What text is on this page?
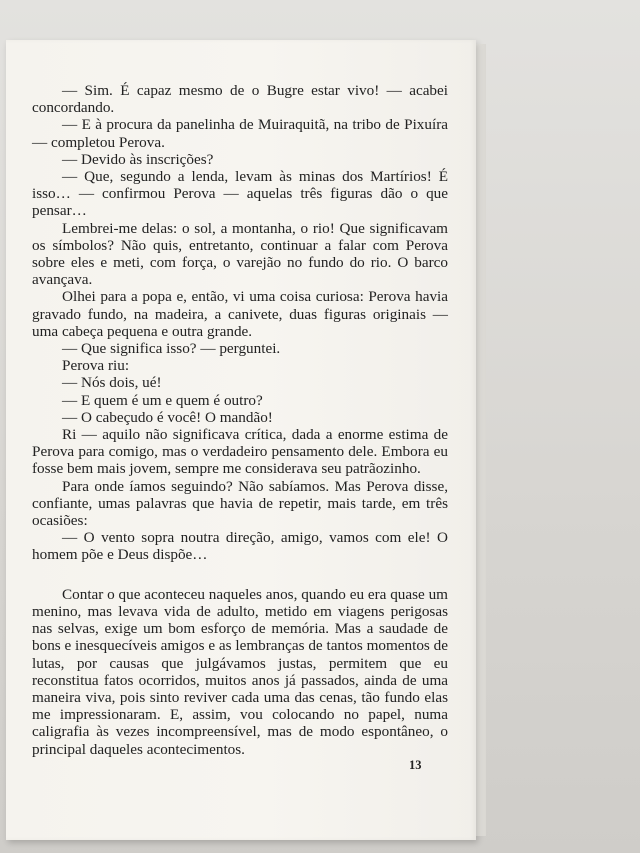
— Sim. É capaz mesmo de o Bugre estar vivo! — acabei concordando.

— E à procura da panelinha de Muiraquitã, na tribo de Pixuíra — completou Perova.

— Devido às inscrições?

— Que, segundo a lenda, levam às minas dos Martírios! É isso… — confirmou Perova — aquelas três figuras dão o que pensar…

Lembrei-me delas: o sol, a montanha, o rio! Que significavam os símbolos? Não quis, entretanto, continuar a falar com Perova sobre eles e meti, com força, o varejão no fundo do rio. O barco avançava.

Olhei para a popa e, então, vi uma coisa curiosa: Perova havia gravado fundo, na madeira, a canivete, duas figuras originais — uma cabeça pequena e outra grande.

— Que significa isso? — perguntei.

Perova riu:

— Nós dois, ué!

— E quem é um e quem é outro?

— O cabeçudo é você! O mandão!

Ri — aquilo não significava crítica, dada a enorme estima de Perova para comigo, mas o verdadeiro pensamento dele. Embora eu fosse bem mais jovem, sempre me considerava seu patrãozinho.

Para onde íamos seguindo? Não sabíamos. Mas Perova disse, confiante, umas palavras que havia de repetir, mais tarde, em três ocasiões:

— O vento sopra noutra direção, amigo, vamos com ele! O homem põe e Deus dispõe…

Contar o que aconteceu naqueles anos, quando eu era quase um menino, mas levava vida de adulto, metido em viagens perigosas nas selvas, exige um bom esforço de memória. Mas a saudade de bons e inesquecíveis amigos e as lembranças de tantos momentos de lutas, por causas que julgávamos justas, permitem que eu reconstitua fatos ocorridos, muitos anos já passados, ainda de uma maneira viva, pois sinto reviver cada uma das cenas, tão fundo elas me impressionaram. E, assim, vou colocando no papel, numa caligrafia às vezes incompreensível, mas de modo espontâneo, o principal daqueles acontecimentos.

13
